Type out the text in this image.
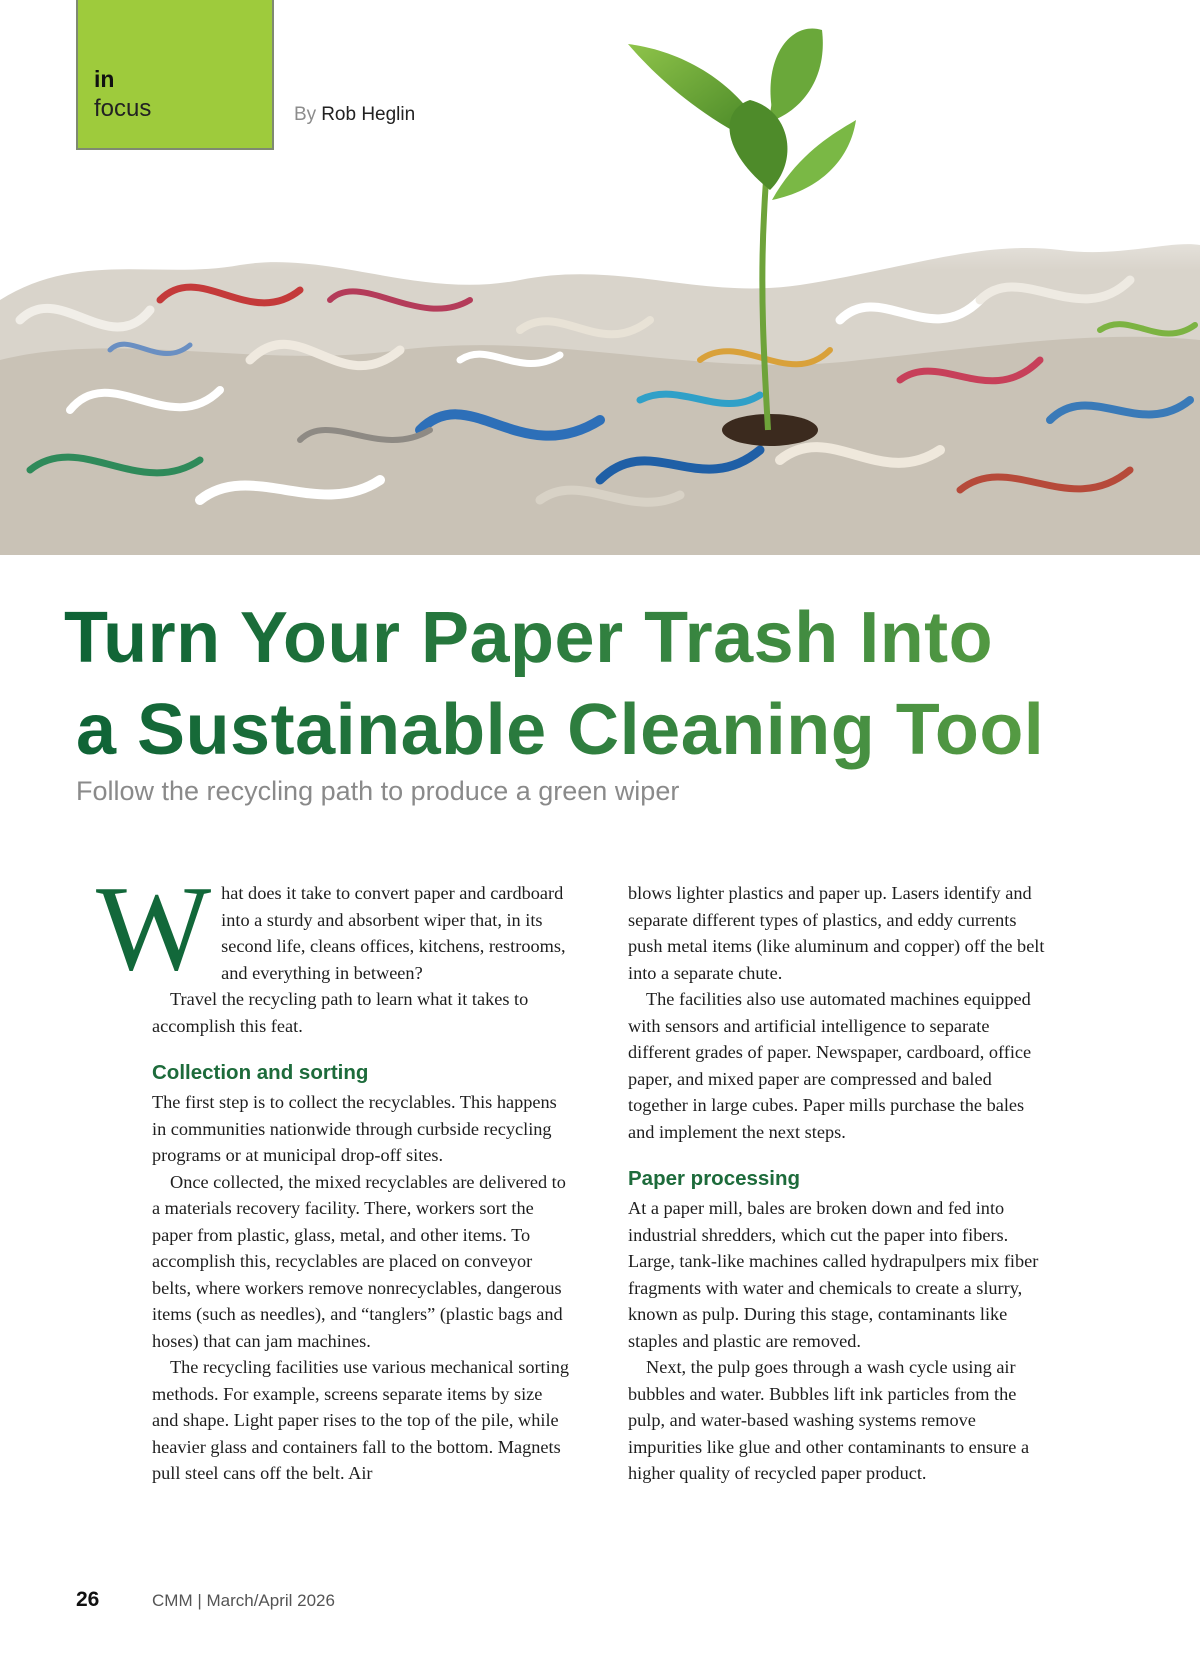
in
focus	By Rob Heglin
Turn Your Paper Trash Into
a Sustainable Cleaning Tool
Follow the recycling path to produce a green wiper

What does it take to convert paper and cardboard into a sturdy and absorbent wiper that, in its second life, cleans offices, kitchens, restrooms, and everything in between?

Travel the recycling path to learn what it takes to accomplish this feat.

Collection and sorting

The first step is to collect the recyclables. This happens in communities nationwide through curbside recycling programs or at municipal drop-off sites.

Once collected, the mixed recyclables are delivered to a materials recovery facility. There, workers sort the paper from plastic, glass, metal, and other items. To accomplish this, recyclables are placed on conveyor belts, where workers remove nonrecyclables, dangerous items (such as needles), and “tanglers” (plastic bags and hoses) that can jam machines.

The recycling facilities use various mechanical sorting methods. For example, screens separate items by size and shape. Light paper rises to the top of the pile, while heavier glass and containers fall to the bottom. Magnets pull steel cans off the belt. Air

blows lighter plastics and paper up. Lasers identify and separate different types of plastics, and eddy currents push metal items (like aluminum and copper) off the belt into a separate chute.

The facilities also use automated machines equipped with sensors and artificial intelligence to separate different grades of paper. Newspaper, cardboard, office paper, and mixed paper are compressed and baled together in large cubes. Paper mills purchase the bales and implement the next steps.

Paper processing

At a paper mill, bales are broken down and fed into industrial shredders, which cut the paper into fibers. Large, tank-like machines called hydrapulpers mix fiber fragments with water and chemicals to create a slurry, known as pulp. During this stage, contaminants like staples and plastic are removed.

Next, the pulp goes through a wash cycle using air bubbles and water. Bubbles lift ink particles from the pulp, and water-based washing systems remove impurities like glue and other contaminants to ensure a higher quality of recycled paper product.

26	CMM | March/April 2026
